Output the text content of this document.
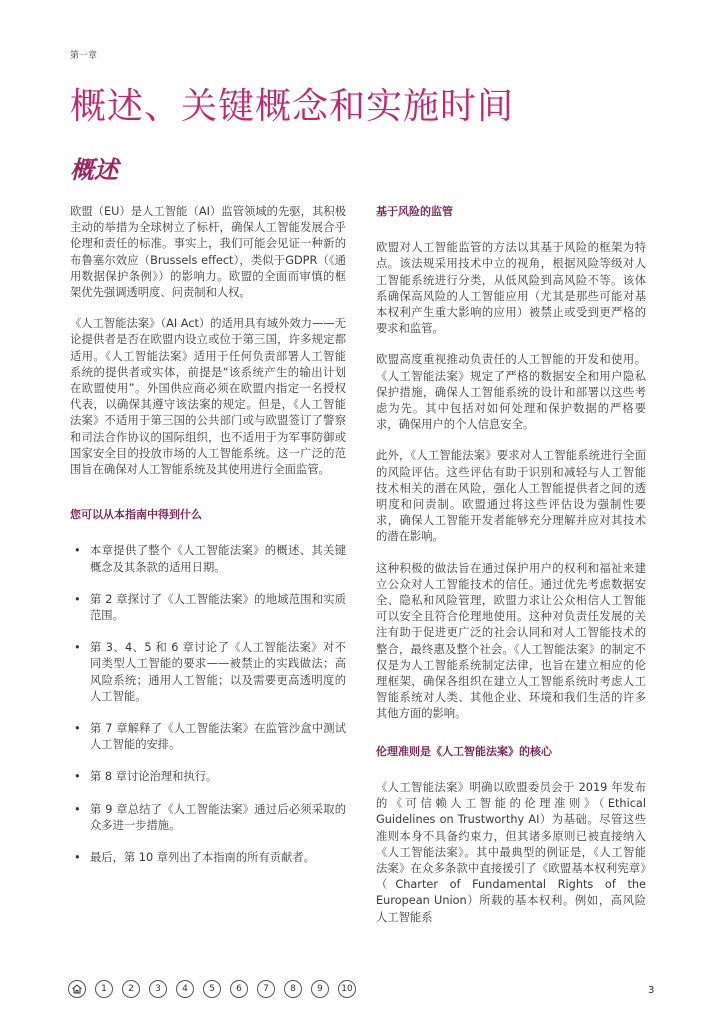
第一章
概述、关键概念和实施时间
概述

欧盟（EU）是人工智能（AI）监管领域的先驱，其积极主动的举措为全球树立了标杆，确保人工智能发展合乎伦理和责任的标准。事实上，我们可能会见证一种新的布鲁塞尔效应（Brussels effect），类似于GDPR（《通用数据保护条例》）的影响力。欧盟的全面而审慎的框架优先强调透明度、问责制和人权。

《人工智能法案》（AI Act）的适用具有域外效力——无论提供者是否在欧盟内设立或位于第三国，许多规定都适用。《人工智能法案》适用于任何负责部署人工智能系统的提供者或实体，前提是“该系统产生的输出计划在欧盟使用”。外国供应商必须在欧盟内指定一名授权代表，以确保其遵守该法案的规定。但是，《人工智能法案》不适用于第三国的公共部门或与欧盟签订了警察和司法合作协议的国际组织，也不适用于为军事防御或国家安全目的投放市场的人工智能系统。这一广泛的范围旨在确保对人工智能系统及其使用进行全面监管。

您可以从本指南中得到什么
• 本章提供了整个《人工智能法案》的概述、其关键概念及其条款的适用日期。
• 第 2 章探讨了《人工智能法案》的地域范围和实质范围。
• 第 3、4、5 和 6 章讨论了《人工智能法案》对不同类型人工智能的要求——被禁止的实践做法；高风险系统；通用人工智能；以及需要更高透明度的人工智能。
• 第 7 章解释了《人工智能法案》在监管沙盒中测试人工智能的安排。
• 第 8 章讨论治理和执行。
• 第 9 章总结了《人工智能法案》通过后必须采取的众多进一步措施。
• 最后，第 10 章列出了本指南的所有贡献者。
基于风险的监管

欧盟对人工智能监管的方法以其基于风险的框架为特点。该法规采用技术中立的视角，根据风险等级对人工智能系统进行分类，从低风险到高风险不等。该体系确保高风险的人工智能应用（尤其是那些可能对基本权利产生重大影响的应用）被禁止或受到更严格的要求和监管。

欧盟高度重视推动负责任的人工智能的开发和使用。《人工智能法案》规定了严格的数据安全和用户隐私保护措施，确保人工智能系统的设计和部署以这些考虑为先。其中包括对如何处理和保护数据的严格要求，确保用户的个人信息安全。

此外，《人工智能法案》要求对人工智能系统进行全面的风险评估。这些评估有助于识别和减轻与人工智能技术相关的潜在风险，强化人工智能提供者之间的透明度和问责制。欧盟通过将这些评估设为强制性要求，确保人工智能开发者能够充分理解并应对其技术的潜在影响。

这种积极的做法旨在通过保护用户的权利和福祉来建立公众对人工智能技术的信任。通过优先考虑数据安全、隐私和风险管理，欧盟力求让公众相信人工智能可以安全且符合伦理地使用。这种对负责任发展的关注有助于促进更广泛的社会认同和对人工智能技术的整合，最终惠及整个社会。《人工智能法案》的制定不仅是为人工智能系统制定法律，也旨在建立相应的伦理框架，确保各组织在建立人工智能系统时考虑人工智能系统对人类、其他企业、环境和我们生活的许多其他方面的影响。

伦理准则是《人工智能法案》的核心

《人工智能法案》明确以欧盟委员会于 2019 年发布的《可信赖人工智能的伦理准则》（Ethical Guidelines on Trustworthy AI）为基础。尽管这些准则本身不具备约束力，但其诸多原则已被直接纳入《人工智能法案》。其中最典型的例证是，《人工智能法案》在众多条款中直接援引了《欧盟基本权利宪章》（Charter of Fundamental Rights of the European Union）所载的基本权利。例如，高风险人工智能系

1	2	3	4	5	6	7	8	9	10	3
